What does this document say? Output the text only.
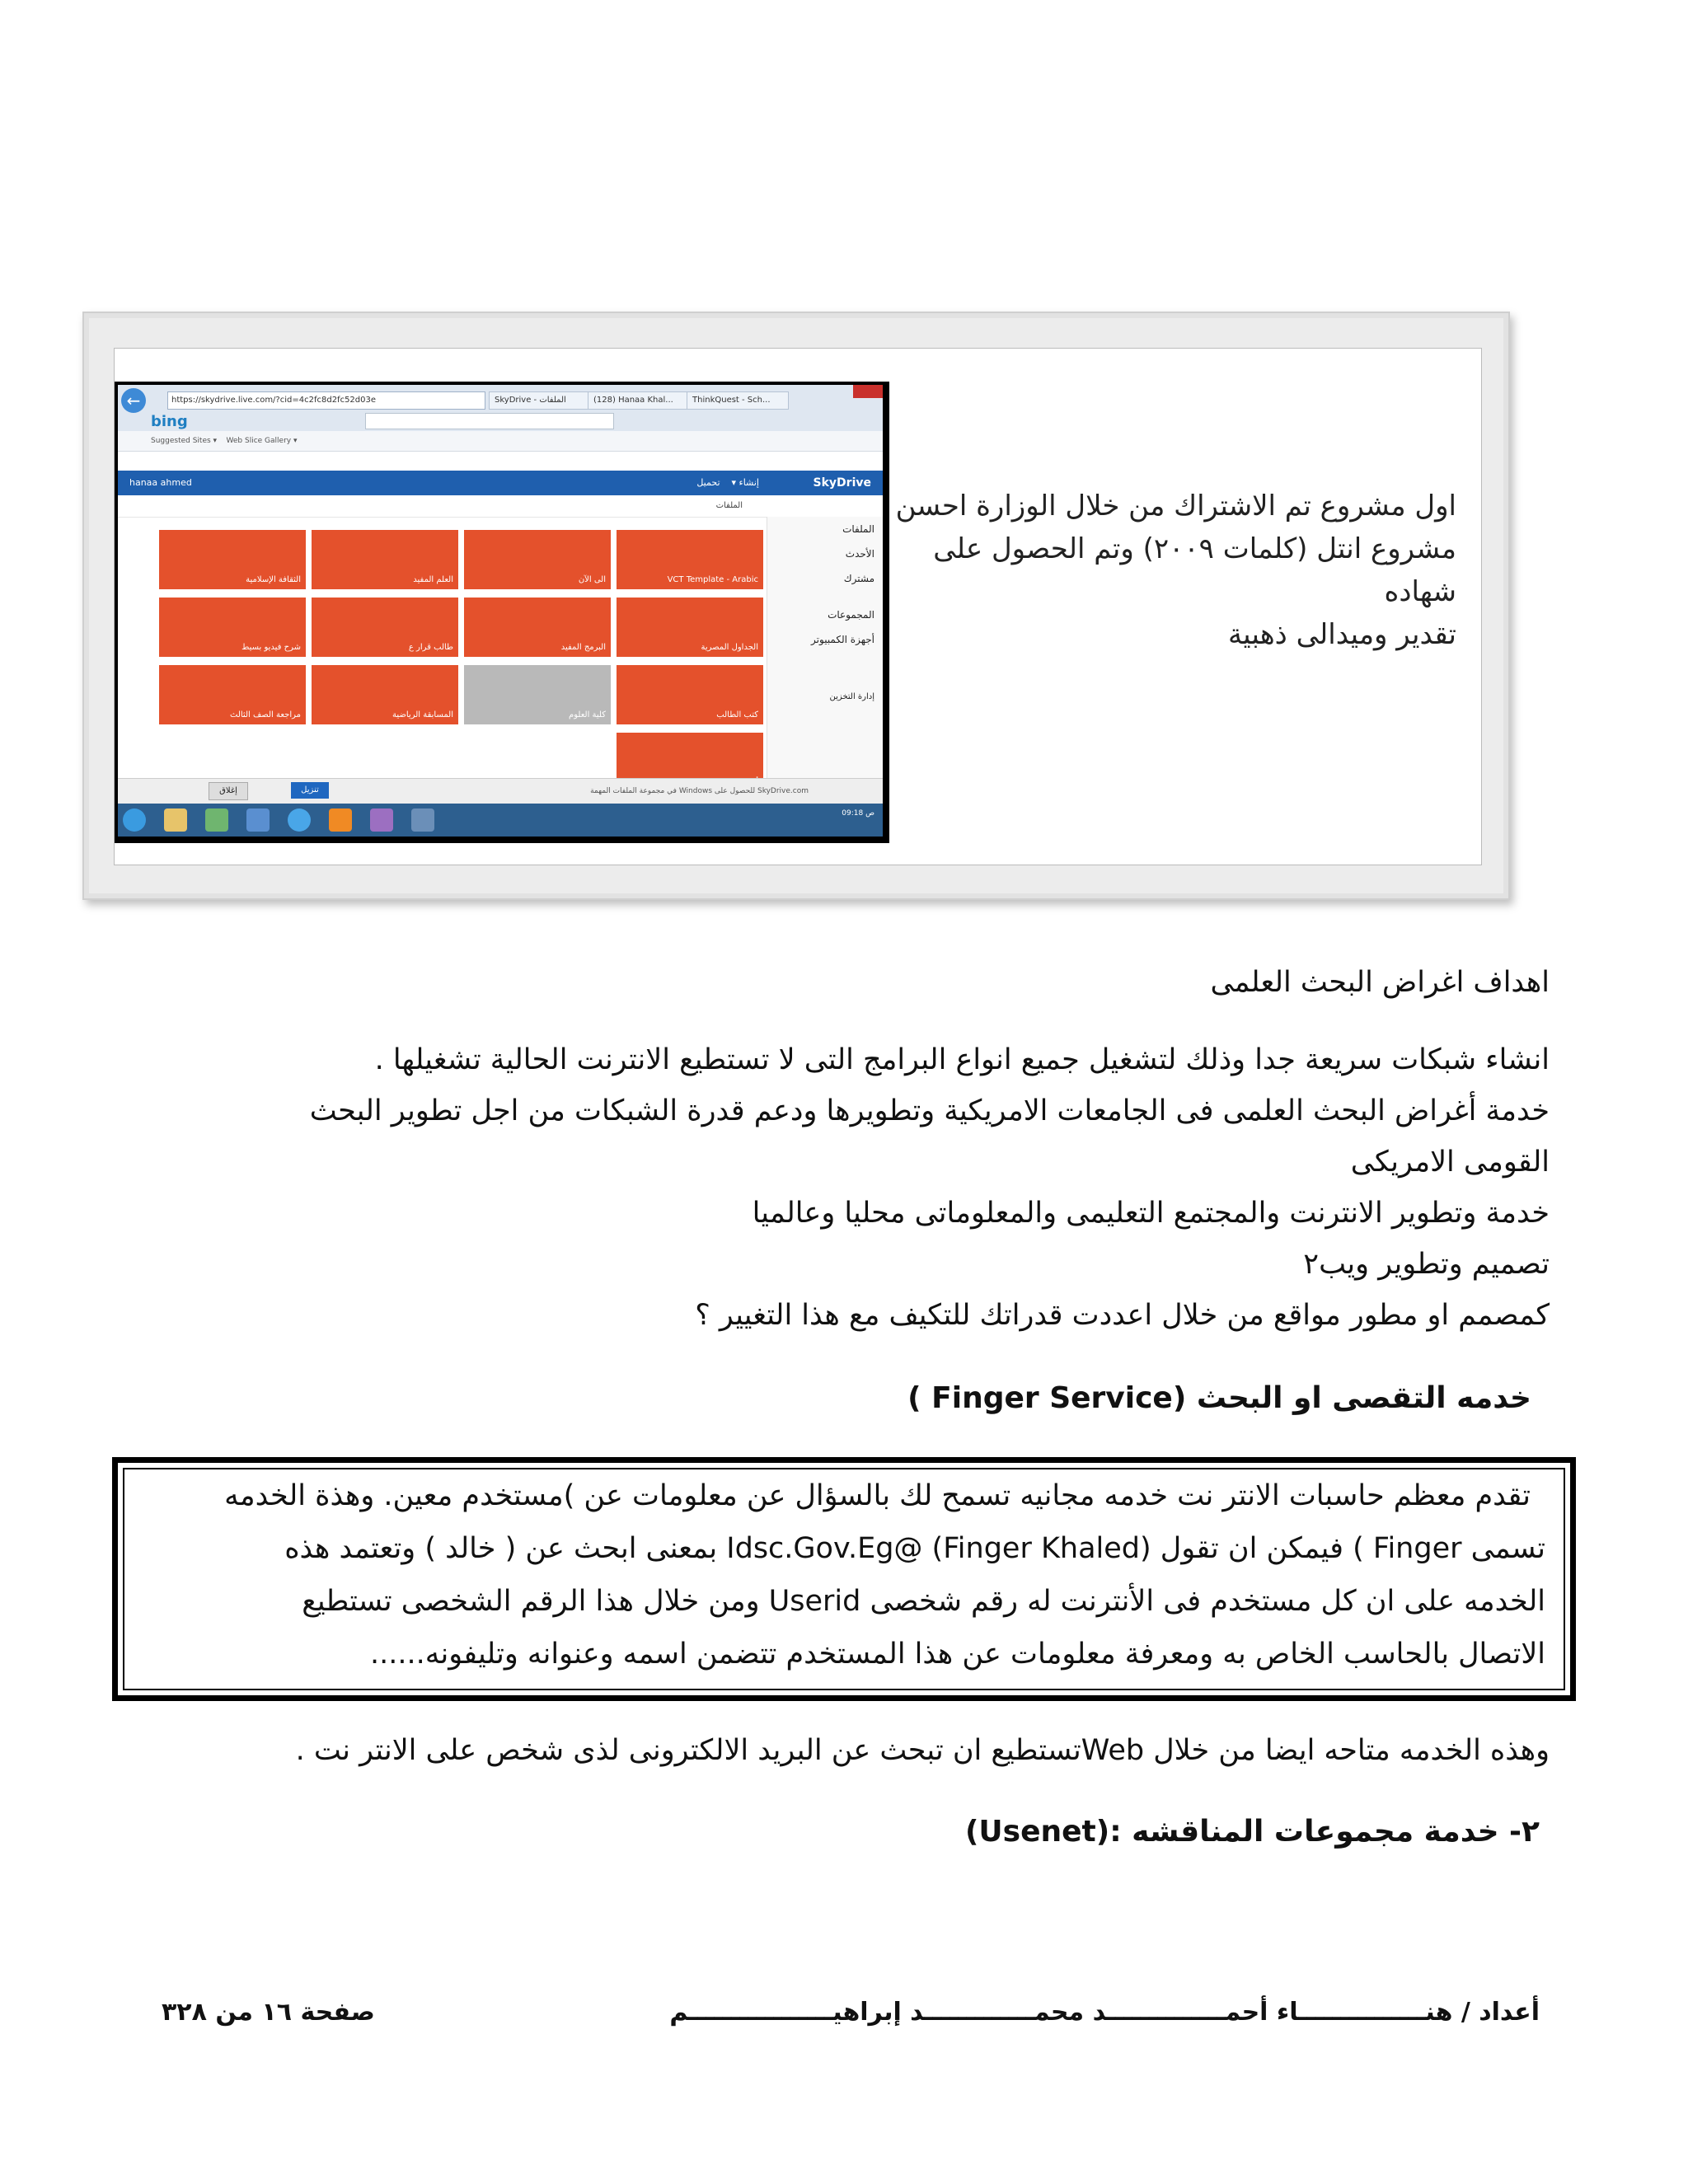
←	https://skydrive.live.com/?cid=4c2fc8d2fc52d03e	SkyDrive - الملفات	(128) Hanaa Khal...	ThinkQuest - Sch...
bing
Suggested Sites ▾ Web Slice Gallery ▾
SkyDrive
إنشاء ▾    تحميل
hanaa ahmed
الملفات
الملفات
الأحدث
مشترك
المجموعات
أجهزة الكمبيوتر
إدارة التخزين
VCT Template - Arabic
الى الآن
العلم المفيد
الثقافة الإسلامية
الجداول المصرية
البرمج المفيد
طالب قرار ع
شرح فيديو بسيط
كتب الطالب
كلية العلوم
المسابقة الرياضية
مراجعة الصف الثالث
SkyDrive.com للحصول على Windows في مجموعة الملفات المهمة
تنزيل
إغلاق
09:18 ص
اول مشروع تم الاشتراك من خلال الوزارة احسن
مشروع انتل (كلمات ٢٠٠٩) وتم الحصول على شهاده
تقدير وميدالى ذهبية
اهداف اغراض البحث العلمى
انشاء شبكات سريعة جدا وذلك لتشغيل جميع انواع البرامج التى لا تستطيع الانترنت الحالية تشغيلها .
خدمة أغراض البحث العلمى فى الجامعات الامريكية وتطويرها ودعم قدرة الشبكات من اجل تطوير البحث
القومى الامريكى
خدمة وتطوير الانترنت والمجتمع التعليمى والمعلوماتى محليا وعالميا
تصميم وتطوير ويب٢
كمصمم او مطور مواقع من خلال اعددت قدراتك للتكيف مع هذا التغيير ؟
خدمه التقصى او البحث (Finger Service )
تقدم معظم حاسبات الانتر نت خدمه مجانيه تسمح لك بالسؤال عن معلومات عن )مستخدم معين. وهذة الخدمه
تسمى Finger ) فيمكن ان تقول (Finger Khaled) @Idsc.Gov.Eg بمعنى ابحث عن ( خالد ) وتعتمد هذه
الخدمه على ان كل مستخدم فى الأنترنت له رقم شخصى Userid ومن خلال هذا الرقم الشخصى تستطيع
الاتصال بالحاسب الخاص به ومعرفة معلومات عن هذا المستخدم تتضمن اسمه وعنوانه وتليفونه......
وهذه الخدمه متاحه ايضا من خلال Webتستطيع ان تبحث عن البريد الالكترونى لذى شخص على الانتر نت .
٢- خدمة مجموعات المناقشه :(Usenet)
أعداد / هنـــــــــــــــاء أحمــــــــــــــد محمـــــــــــــد إبراهيـــــــــــــــــم
صفحة ١٦ من ٣٢٨
